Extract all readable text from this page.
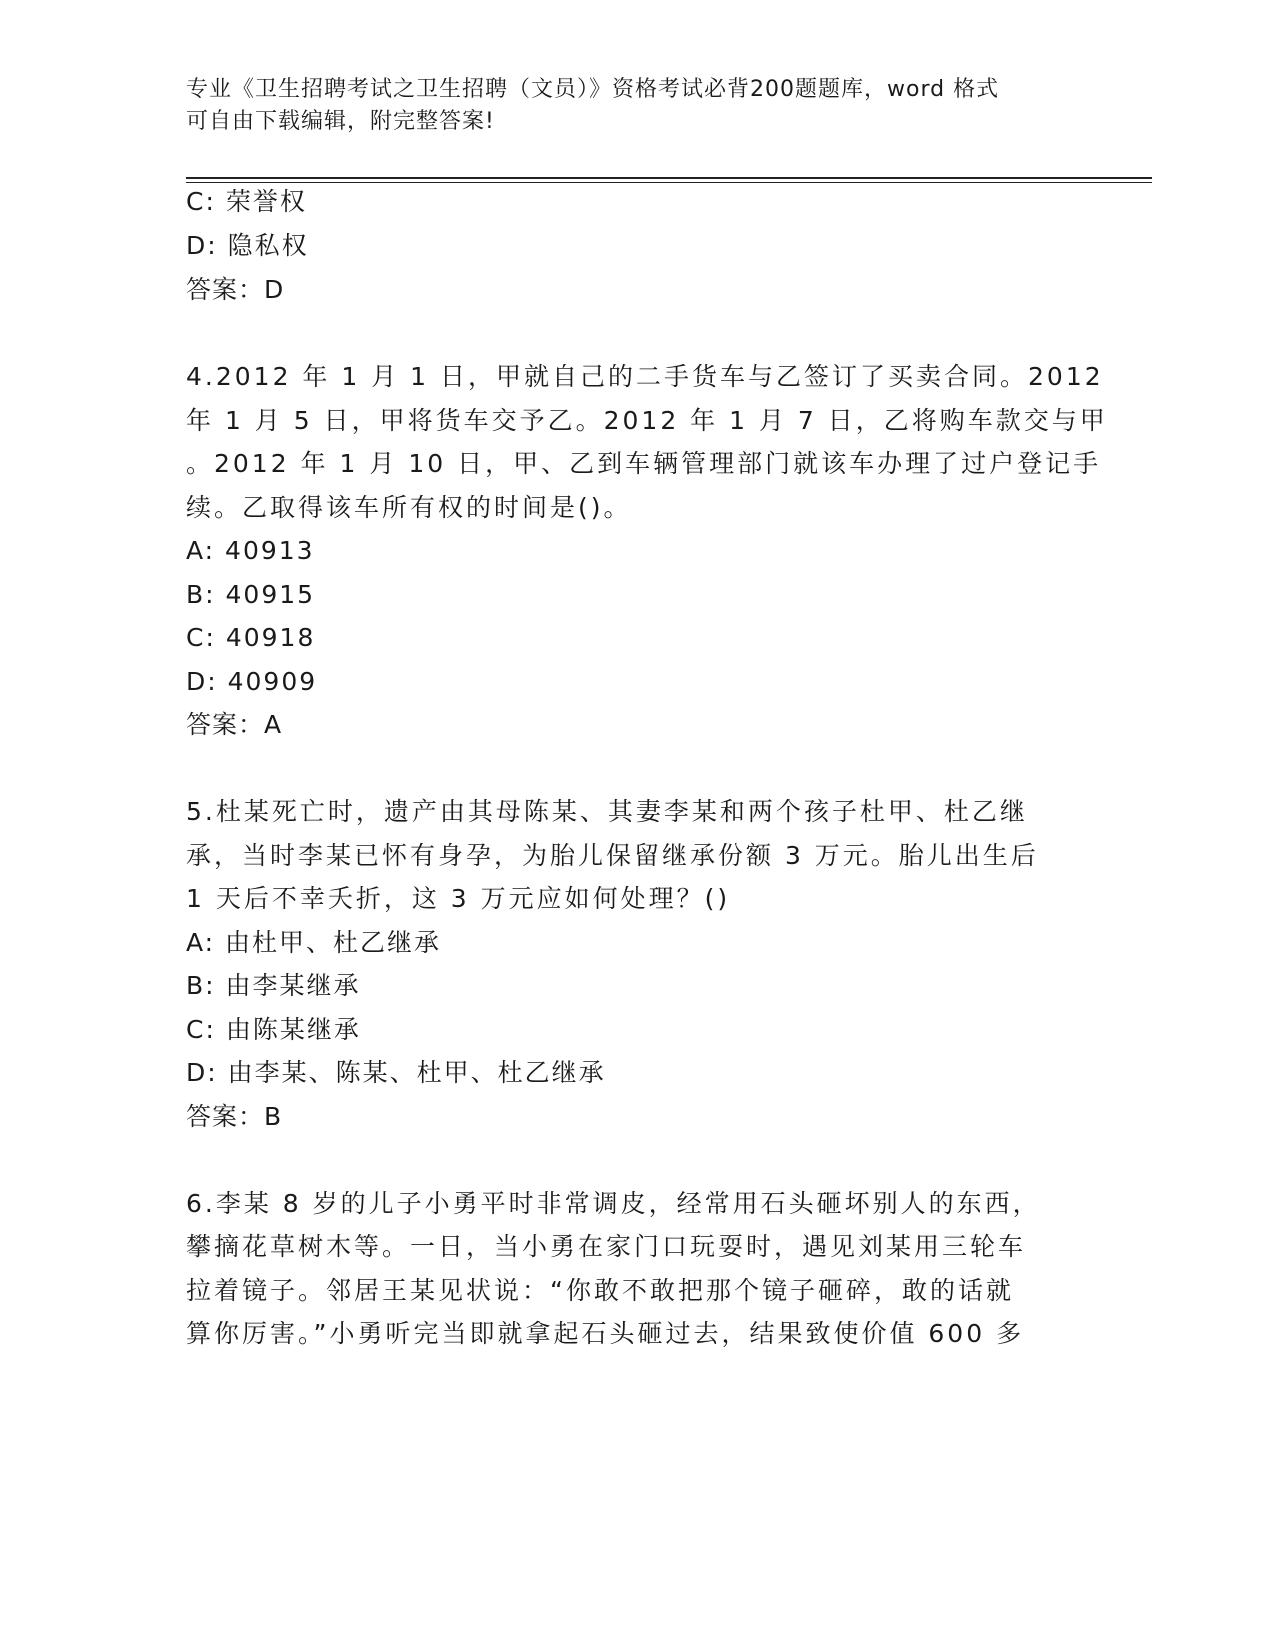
专业《卫生招聘考试之卫生招聘（文员）》资格考试必背200题题库，word 格式
可自由下载编辑，附完整答案!
C: 荣誉权
D: 隐私权
答案：D
4.2012 年 1 月 1 日，甲就自己的二手货车与乙签订了买卖合同。2012
年 1 月 5 日，甲将货车交予乙。2012 年 1 月 7 日，乙将购车款交与甲
。2012 年 1 月 10 日，甲、乙到车辆管理部门就该车办理了过户登记手
续。乙取得该车所有权的时间是()。
A: 40913
B: 40915
C: 40918
D: 40909
答案：A
5.杜某死亡时，遗产由其母陈某、其妻李某和两个孩子杜甲、杜乙继
承，当时李某已怀有身孕，为胎儿保留继承份额 3 万元。胎儿出生后
1 天后不幸夭折，这 3 万元应如何处理？()
A: 由杜甲、杜乙继承
B: 由李某继承
C: 由陈某继承
D: 由李某、陈某、杜甲、杜乙继承
答案：B
6.李某 8 岁的儿子小勇平时非常调皮，经常用石头砸坏别人的东西，
攀摘花草树木等。一日，当小勇在家门口玩耍时，遇见刘某用三轮车
拉着镜子。邻居王某见状说：“你敢不敢把那个镜子砸碎，敢的话就
算你厉害。”小勇听完当即就拿起石头砸过去，结果致使价值 600 多
